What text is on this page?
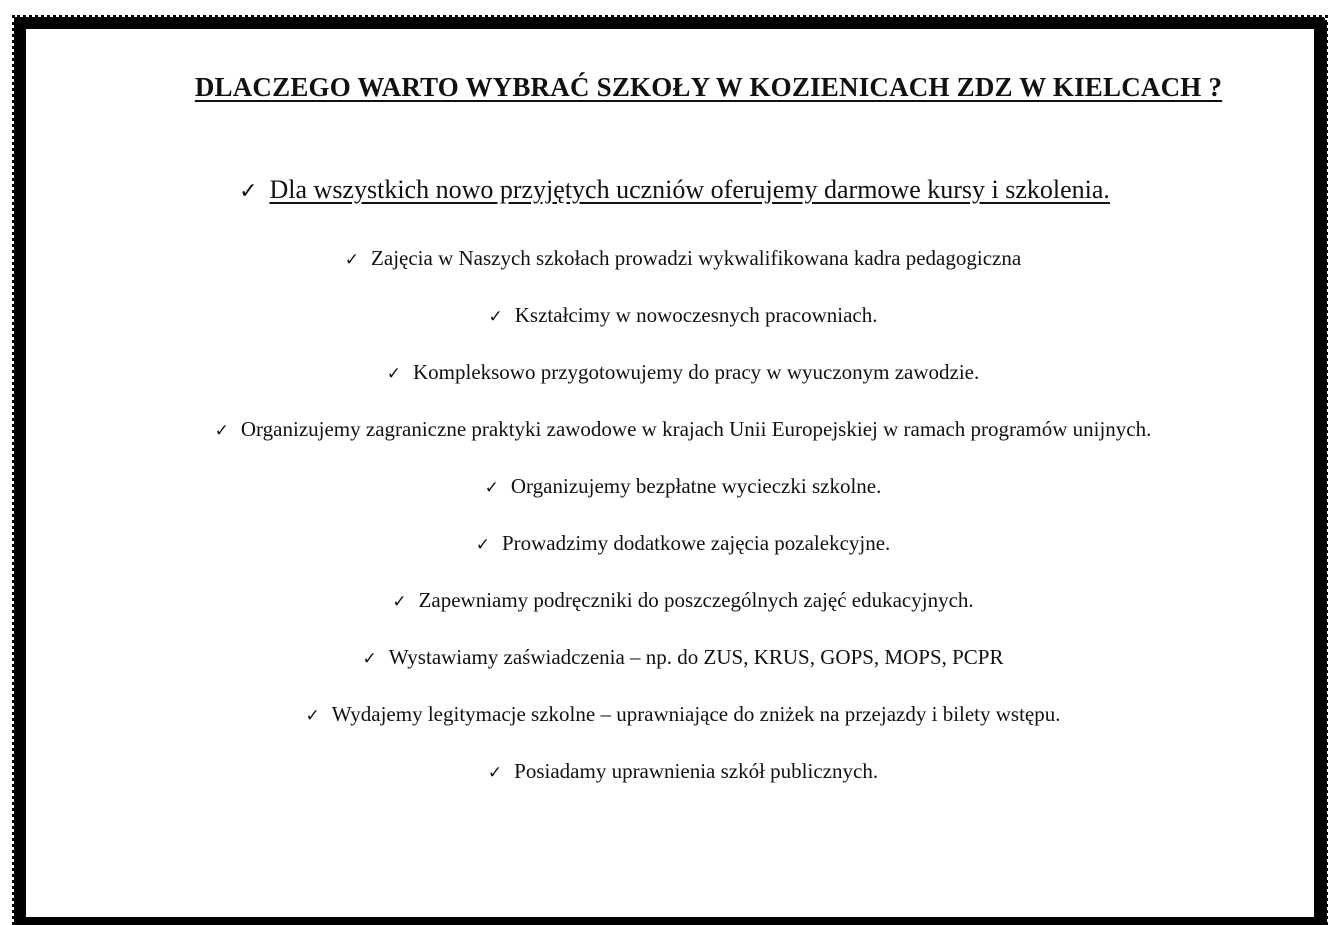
DLACZEGO WARTO WYBRAĆ SZKOŁY W KOZIENICACH ZDZ W KIELCACH ?
✓ Dla wszystkich nowo przyjętych uczniów oferujemy darmowe kursy i szkolenia.
✓ Zajęcia w Naszych szkołach prowadzi wykwalifikowana kadra pedagogiczna
✓ Kształcimy w nowoczesnych pracowniach.
✓ Kompleksowo przygotowujemy do pracy w wyuczonym zawodzie.
✓ Organizujemy zagraniczne praktyki zawodowe w krajach Unii Europejskiej w ramach programów unijnych.
✓ Organizujemy bezpłatne wycieczki szkolne.
✓ Prowadzimy dodatkowe zajęcia pozalekcyjne.
✓ Zapewniamy podręczniki do poszczególnych zajęć edukacyjnych.
✓ Wystawiamy zaświadczenia – np. do ZUS, KRUS, GOPS, MOPS, PCPR
✓ Wydajemy legitymacje szkolne – uprawniające do zniżek na przejazdy i bilety wstępu.
✓ Posiadamy uprawnienia szkół publicznych.
